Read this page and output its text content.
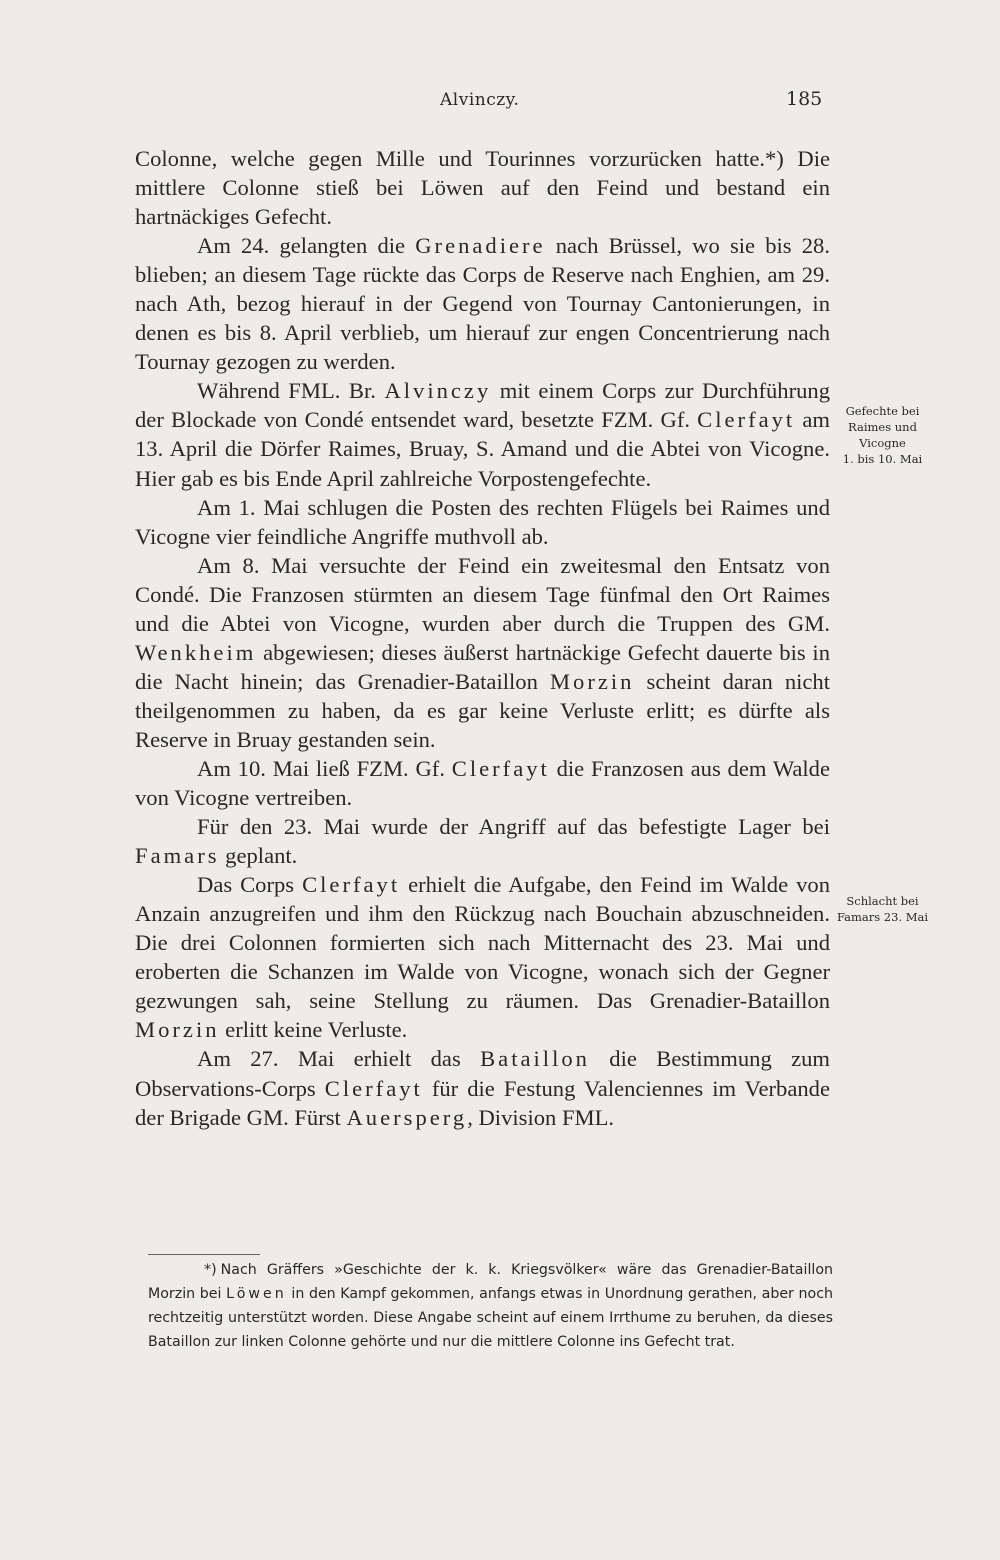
Alvinczy.	185

Colonne, welche gegen Mille und Tourinnes vorzurücken hatte.*) Die mittlere Colonne stieß bei Löwen auf den Feind und bestand ein hartnäckiges Gefecht.

Am 24. gelangten die Grenadiere nach Brüssel, wo sie bis 28. blieben; an diesem Tage rückte das Corps de Reserve nach Enghien, am 29. nach Ath, bezog hierauf in der Gegend von Tournay Cantonierungen, in denen es bis 8. April verblieb, um hierauf zur engen Concentrierung nach Tournay gezogen zu werden.

Während FML. Br. Alvinczy mit einem Corps zur Durchführung der Blockade von Condé entsendet ward, besetzte FZM. Gf. Clerfayt am 13. April die Dörfer Raimes, Bruay, S. Amand und die Abtei von Vicogne. Hier gab es bis Ende April zahlreiche Vorpostengefechte.

Am 1. Mai schlugen die Posten des rechten Flügels bei Raimes und Vicogne vier feindliche Angriffe muthvoll ab.

Am 8. Mai versuchte der Feind ein zweitesmal den Entsatz von Condé. Die Franzosen stürmten an diesem Tage fünfmal den Ort Raimes und die Abtei von Vicogne, wurden aber durch die Truppen des GM. Wenkheim abgewiesen; dieses äußerst hartnäckige Gefecht dauerte bis in die Nacht hinein; das Grenadier-Bataillon Morzin scheint daran nicht theilgenommen zu haben, da es gar keine Verluste erlitt; es dürfte als Reserve in Bruay gestanden sein.

Am 10. Mai ließ FZM. Gf. Clerfayt die Franzosen aus dem Walde von Vicogne vertreiben.

Für den 23. Mai wurde der Angriff auf das befestigte Lager bei Famars geplant.

Das Corps Clerfayt erhielt die Aufgabe, den Feind im Walde von Anzain anzugreifen und ihm den Rückzug nach Bouchain abzuschneiden. Die drei Colonnen formierten sich nach Mitternacht des 23. Mai und eroberten die Schanzen im Walde von Vicogne, wonach sich der Gegner gezwungen sah, seine Stellung zu räumen. Das Grenadier-Bataillon Morzin erlitt keine Verluste.

Am 27. Mai erhielt das Bataillon die Bestimmung zum Observations-Corps Clerfayt für die Festung Valenciennes im Verbande der Brigade GM. Fürst Auersperg, Division FML.

Gefechte bei
Raimes und
Vicogne
1. bis 10. Mai
Schlacht bei
Famars 23. Mai
*) Nach Gräffers »Geschichte der k. k. Kriegsvölker« wäre das Grenadier-Bataillon Morzin bei Löwen in den Kampf gekommen, anfangs etwas in Unordnung gerathen, aber noch rechtzeitig unterstützt worden. Diese Angabe scheint auf einem Irrthume zu beruhen, da dieses Bataillon zur linken Colonne gehörte und nur die mittlere Colonne ins Gefecht trat.
